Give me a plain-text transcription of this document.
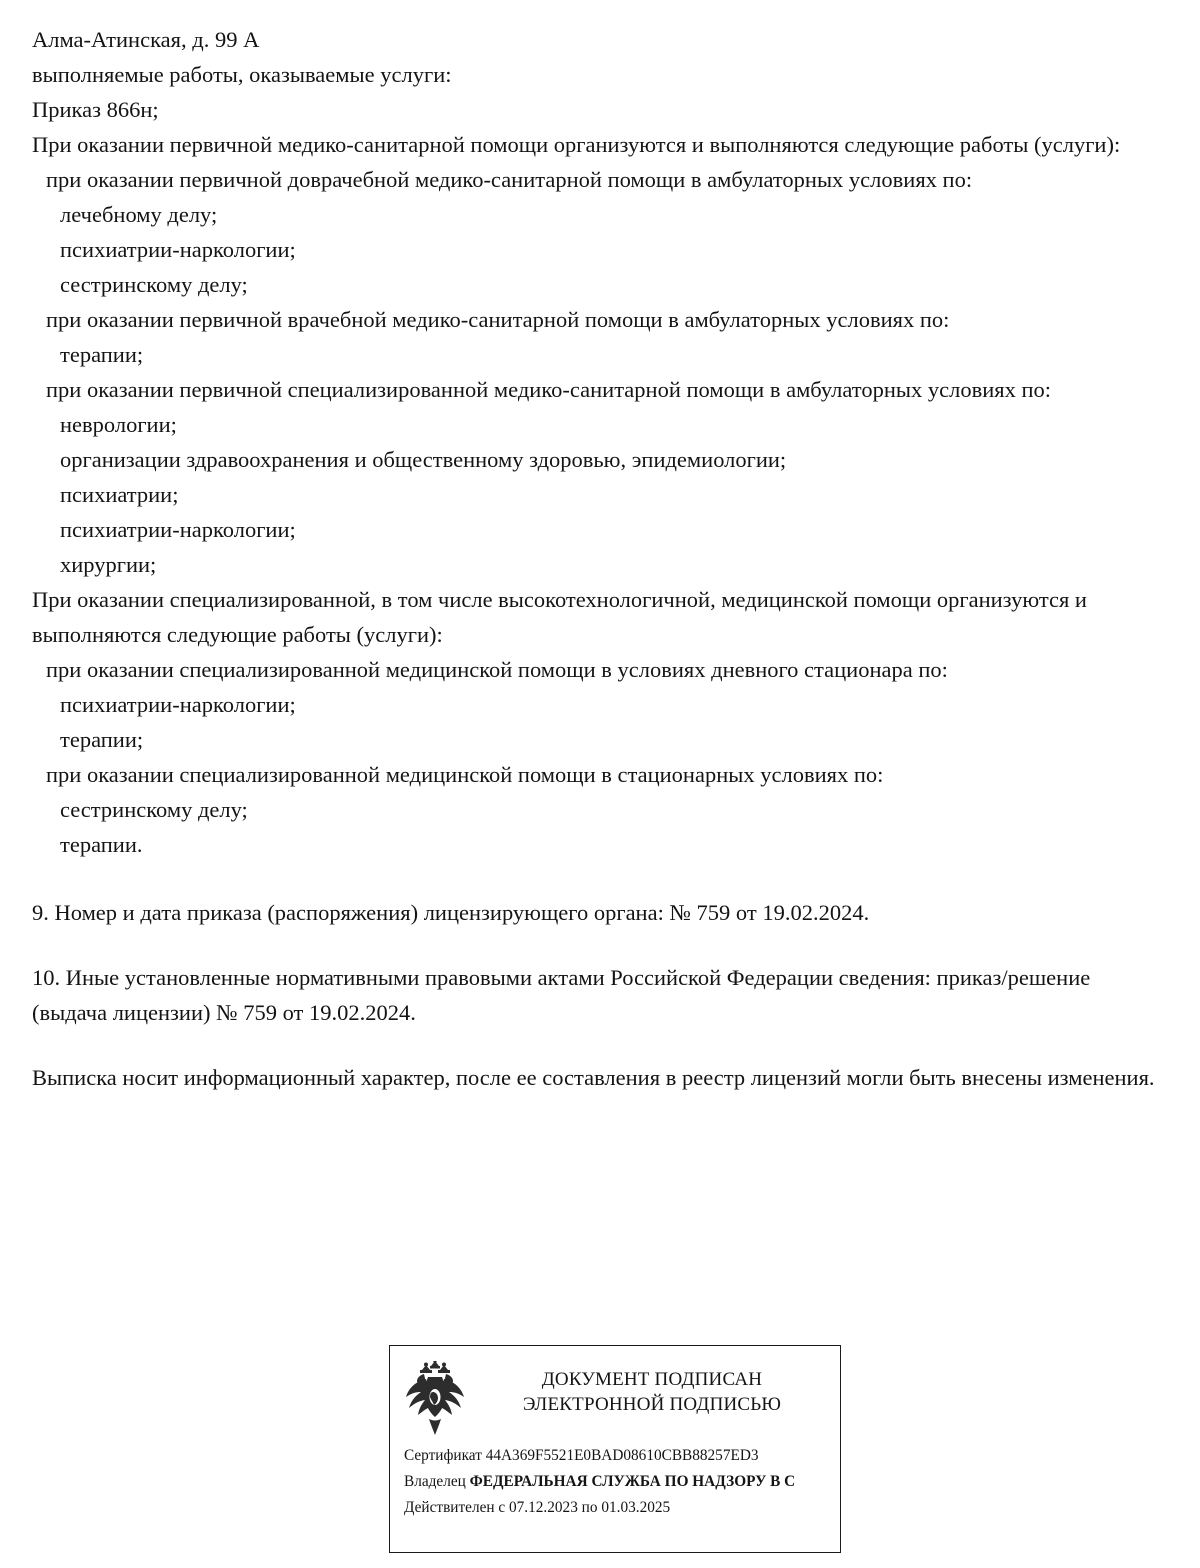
Алма-Атинская, д. 99 А
выполняемые работы, оказываемые услуги:
Приказ 866н;
При оказании первичной медико-санитарной помощи организуются и выполняются следующие работы (услуги):
при оказании первичной доврачебной медико-санитарной помощи в амбулаторных условиях по:
лечебному делу;
психиатрии-наркологии;
сестринскому делу;
при оказании первичной врачебной медико-санитарной помощи в амбулаторных условиях по:
терапии;
при оказании первичной специализированной медико-санитарной помощи в амбулаторных условиях по:
неврологии;
организации здравоохранения и общественному здоровью, эпидемиологии;
психиатрии;
психиатрии-наркологии;
хирургии;
При оказании специализированной, в том числе высокотехнологичной, медицинской помощи организуются и выполняются следующие работы (услуги):
при оказании специализированной медицинской помощи в условиях дневного стационара по:
психиатрии-наркологии;
терапии;
при оказании специализированной медицинской помощи в стационарных условиях по:
сестринскому делу;
терапии.
9. Номер и дата приказа (распоряжения) лицензирующего органа: № 759 от 19.02.2024.
10. Иные установленные нормативными правовыми актами Российской Федерации сведения: приказ/решение (выдача лицензии) № 759 от 19.02.2024.
Выписка носит информационный характер, после ее составления в реестр лицензий могли быть внесены изменения.
ДОКУМЕНТ ПОДПИСАН
ЭЛЕКТРОННОЙ ПОДПИСЬЮ
Сертификат 44A369F5521E0BAD08610CBB88257ED3
Владелец ФЕДЕРАЛЬНАЯ СЛУЖБА ПО НАДЗОРУ В С
Действителен с 07.12.2023 по 01.03.2025
